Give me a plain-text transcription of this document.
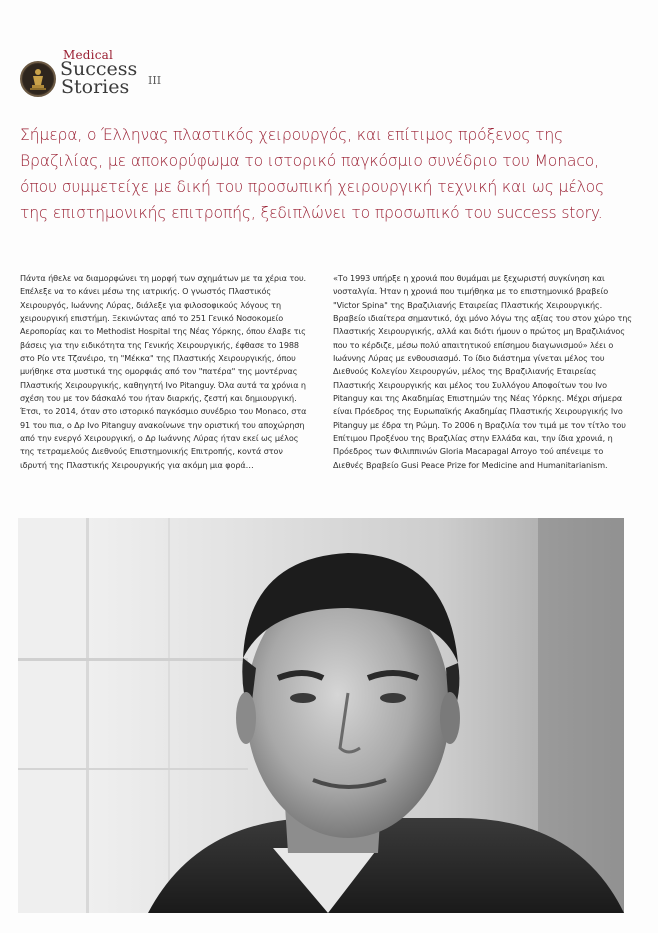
Medical
Success
Stories III
Σήμερα, ο Έλληνας πλαστικός χειρουργός, και επίτιμος πρόξενος της Βραζιλίας, με αποκορύφωμα το ιστορικό παγκόσμιο συνέδριο του Monaco, όπου συμμετείχε με δική του προσωπική χειρουργική τεχνική και ως μέλος της επιστημονικής επιτροπής, ξεδιπλώνει το προσωπικό του success story.

Πάντα ήθελε να διαμορφώνει τη μορφή των σχημάτων με τα χέρια του. Επέλεξε να το κάνει μέσω της ιατρικής. Ο γνωστός Πλαστικός Χειρουργός, Ιωάννης Λύρας, διάλεξε για φιλοσοφικούς λόγους τη χειρουργική επιστήμη. Ξεκινώντας από το 251 Γενικό Νοσοκομείο Αεροπορίας και το Methodist Hospital της Νέας Υόρκης, όπου έλαβε τις βάσεις για την ειδικότητα της Γενικής Χειρουργικής, έφθασε το 1988 στο Ρίο ντε Τζανέιρο, τη "Μέκκα" της Πλαστικής Χειρουργικής, όπου μυήθηκε στα μυστικά της ομορφιάς από τον "πατέρα" της μοντέρνας Πλαστικής Χειρουργικής, καθηγητή Ivo Pitanguy. Όλα αυτά τα χρόνια η σχέση του με τον δάσκαλό του ήταν διαρκής, ζεστή και δημιουργική. Έτσι, το 2014, όταν στο ιστορικό παγκόσμιο συνέδριο του Monaco, στα 91 του πια, ο Δρ Ivo Pitanguy ανακοίνωνε την οριστική του αποχώρηση από την ενεργό Χειρουργική, ο Δρ Ιωάννης Λύρας ήταν εκεί ως μέλος της τετραμελούς Διεθνούς Επιστημονικής Επιτροπής, κοντά στον ιδρυτή της Πλαστικής Χειρουργικής για ακόμη μια φορά…

«Το 1993 υπήρξε η χρονιά που θυμάμαι με ξεχωριστή συγκίνηση και νοσταλγία. Ήταν η χρονιά που τιμήθηκα με το επιστημονικό βραβείο "Victor Spina" της Βραζιλιανής Εταιρείας Πλαστικής Χειρουργικής. Βραβείο ιδιαίτερα σημαντικό, όχι μόνο λόγω της αξίας του στον χώρο της Πλαστικής Χειρουργικής, αλλά και διότι ήμουν ο πρώτος μη Βραζιλιάνος που το κέρδιζε, μέσω πολύ απαιτητικού επίσημου διαγωνισμού» λέει ο Ιωάννης Λύρας με ενθουσιασμό. Το ίδιο διάστημα γίνεται μέλος του Διεθνούς Κολεγίου Χειρουργών, μέλος της Βραζιλιανής Εταιρείας Πλαστικής Χειρουργικής και μέλος του Συλλόγου Αποφοίτων του Ivo Pitanguy και της Ακαδημίας Επιστημών της Νέας Υόρκης. Μέχρι σήμερα είναι Πρόεδρος της Ευρωπαϊκής Ακαδημίας Πλαστικής Χειρουργικής Ivo Pitanguy με έδρα τη Ρώμη. Το 2006 η Βραζιλία τον τιμά με τον τίτλο του Επίτιμου Προξένου της Βραζιλίας στην Ελλάδα και, την ίδια χρονιά, η Πρόεδρος των Φιλιππινών Gloria Macapagal Arroyo τού απένειμε το Διεθνές Βραβείο Gusi Peace Prize for Medicine and Humanitarianism.
